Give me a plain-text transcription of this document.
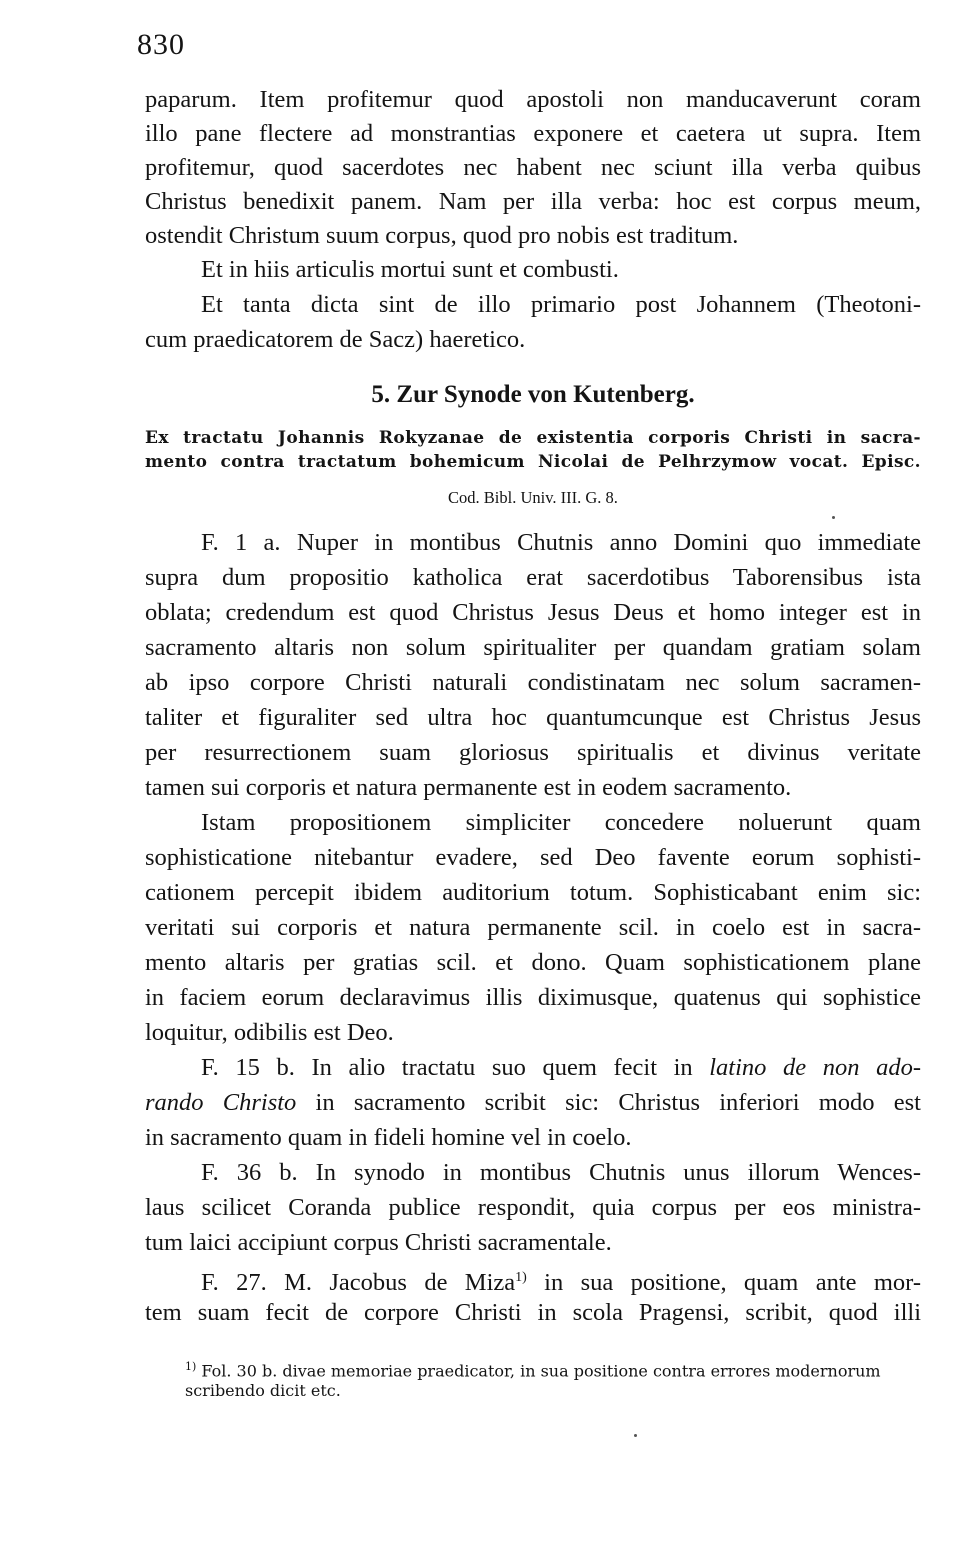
830
paparum. Item profitemur quod apostoli non manducaverunt coram
illo pane flectere ad monstrantias exponere et caetera ut supra. Item
profitemur, quod sacerdotes nec habent nec sciunt illa verba quibus
Christus benedixit panem. Nam per illa verba: hoc est corpus meum,
ostendit Christum suum corpus, quod pro nobis est traditum.
Et in hiis articulis mortui sunt et combusti.
Et tanta dicta sint de illo primario post Johannem (Theotoni-
cum praedicatorem de Sacz) haeretico.
5. Zur Synode von Kutenberg.
Ex tractatu Johannis Rokyzanae de existentia corporis Christi in sacra-
mento contra tractatum bohemicum Nicolai de Pelhrzymow vocat. Episc.
Cod. Bibl. Univ. III. G. 8.
F. 1 a. Nuper in montibus Chutnis anno Domini quo immediate
supra dum propositio katholica erat sacerdotibus Taborensibus ista
oblata; credendum est quod Christus Jesus Deus et homo integer est in
sacramento altaris non solum spiritualiter per quandam gratiam solam
ab ipso corpore Christi naturali condistinatam nec solum sacramen-
taliter et figuraliter sed ultra hoc quantumcunque est Christus Jesus
per resurrectionem suam gloriosus spiritualis et divinus veritate
tamen sui corporis et natura permanente est in eodem sacramento.
Istam propositionem simpliciter concedere noluerunt quam
sophisticatione nitebantur evadere, sed Deo favente eorum sophisti-
cationem percepit ibidem auditorium totum. Sophisticabant enim sic:
veritati sui corporis et natura permanente scil. in coelo est in sacra-
mento altaris per gratias scil. et dono. Quam sophisticationem plane
in faciem eorum declaravimus illis diximusque, quatenus qui sophistice
loquitur, odibilis est Deo.
F. 15 b. In alio tractatu suo quem fecit in latino de non ado-
rando Christo in sacramento scribit sic: Christus inferiori modo est
in sacramento quam in fideli homine vel in coelo.
F. 36 b. In synodo in montibus Chutnis unus illorum Wences-
laus scilicet Coranda publice respondit, quia corpus per eos ministra-
tum laici accipiunt corpus Christi sacramentale.
F. 27. M. Jacobus de Miza$^{1)}$ in sua positione, quam ante mor-
tem suam fecit de corpore Christi in scola Pragensi, scribit, quod illi
$^{1)}$ Fol. 30 b. divae memoriae praedicator, in sua positione contra errores modernorum
scribendo dicit etc.
